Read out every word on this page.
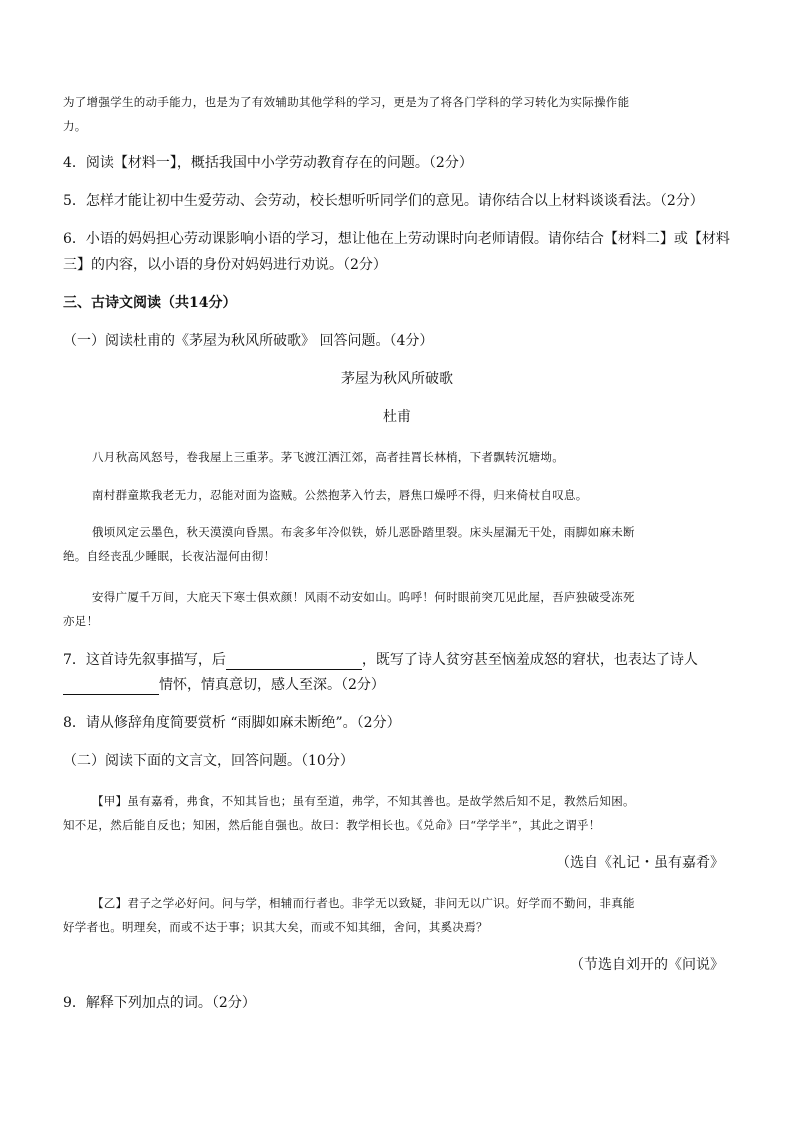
为了增强学生的动手能力，也是为了有效辅助其他学科的学习，更是为了将各门学科的学习转化为实际操作能
力。
4．阅读【材料一】，概括我国中小学劳动教育存在的问题。（2分）
5．怎样才能让初中生爱劳动、会劳动，校长想听听同学们的意见。请你结合以上材料谈谈看法。（2分）
6．小语的妈妈担心劳动课影响小语的学习，想让他在上劳动课时向老师请假。请你结合【材料二】或【材料
三】的内容，以小语的身份对妈妈进行劝说。（2分）
三、古诗文阅读（共14分）
（一）阅读杜甫的《茅屋为秋风所破歌》 回答问题。（4分）
茅屋为秋风所破歌
杜甫
八月秋高风怒号，卷我屋上三重茅。茅飞渡江洒江郊，高者挂罥长林梢，下者飘转沉塘坳。
南村群童欺我老无力，忍能对面为盗贼。公然抱茅入竹去，唇焦口燥呼不得，归来倚杖自叹息。
俄顷风定云墨色，秋天漠漠向昏黑。布衾多年冷似铁，娇儿恶卧踏里裂。床头屋漏无干处，雨脚如麻未断
绝。自经丧乱少睡眠，长夜沾湿何由彻！
安得广厦千万间，大庇天下寒士俱欢颜！风雨不动安如山。呜呼！何时眼前突兀见此屋，吾庐独破受冻死
亦足！
7．这首诗先叙事描写，后	，既写了诗人贫穷甚至恼羞成怒的窘状，也表达了诗人
情怀，情真意切，感人至深。（2分）
8．请从修辞角度简要赏析 “雨脚如麻未断绝”。（2分）
（二）阅读下面的文言文，回答问题。（10分）
【甲】虽有嘉肴，弗食，不知其旨也；虽有至道，弗学，不知其善也。是故学然后知不足，教然后知困。
知不足，然后能自反也；知困，然后能自强也。故曰：教学相长也。《兑命》曰“学学半”，其此之谓乎！
（选自《礼记・虽有嘉肴》
【乙】君子之学必好问。问与学，相辅而行者也。非学无以致疑，非问无以广识。好学而不勤问，非真能
好学者也。明理矣，而或不达于事；识其大矣，而或不知其细，舍问，其奚决焉？
（节选自刘开的《问说》
9．解释下列加点的词。（2分）
